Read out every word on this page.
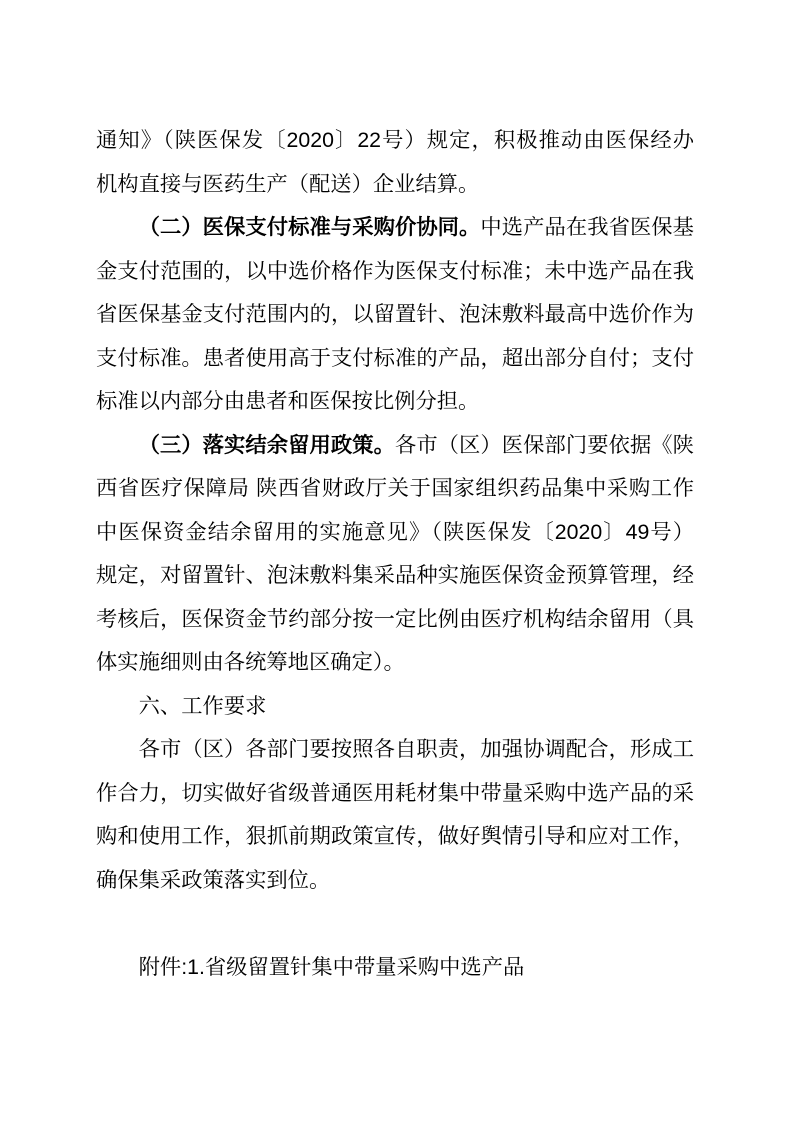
通知》（陕医保发〔2020〕22号）规定，积极推动由医保经办
机构直接与医药生产（配送）企业结算。
（二）医保支付标准与采购价协同。中选产品在我省医保基
金支付范围的，以中选价格作为医保支付标准；未中选产品在我
省医保基金支付范围内的，以留置针、泡沫敷料最高中选价作为
支付标准。患者使用高于支付标准的产品，超出部分自付；支付
标准以内部分由患者和医保按比例分担。
（三）落实结余留用政策。各市（区）医保部门要依据《陕
西省医疗保障局 陕西省财政厅关于国家组织药品集中采购工作
中医保资金结余留用的实施意见》（陕医保发〔2020〕49号）
规定，对留置针、泡沫敷料集采品种实施医保资金预算管理，经
考核后，医保资金节约部分按一定比例由医疗机构结余留用（具
体实施细则由各统筹地区确定）。
六、工作要求
各市（区）各部门要按照各自职责，加强协调配合，形成工
作合力，切实做好省级普通医用耗材集中带量采购中选产品的采
购和使用工作，狠抓前期政策宣传，做好舆情引导和应对工作，
确保集采政策落实到位。
附件:1.省级留置针集中带量采购中选产品
